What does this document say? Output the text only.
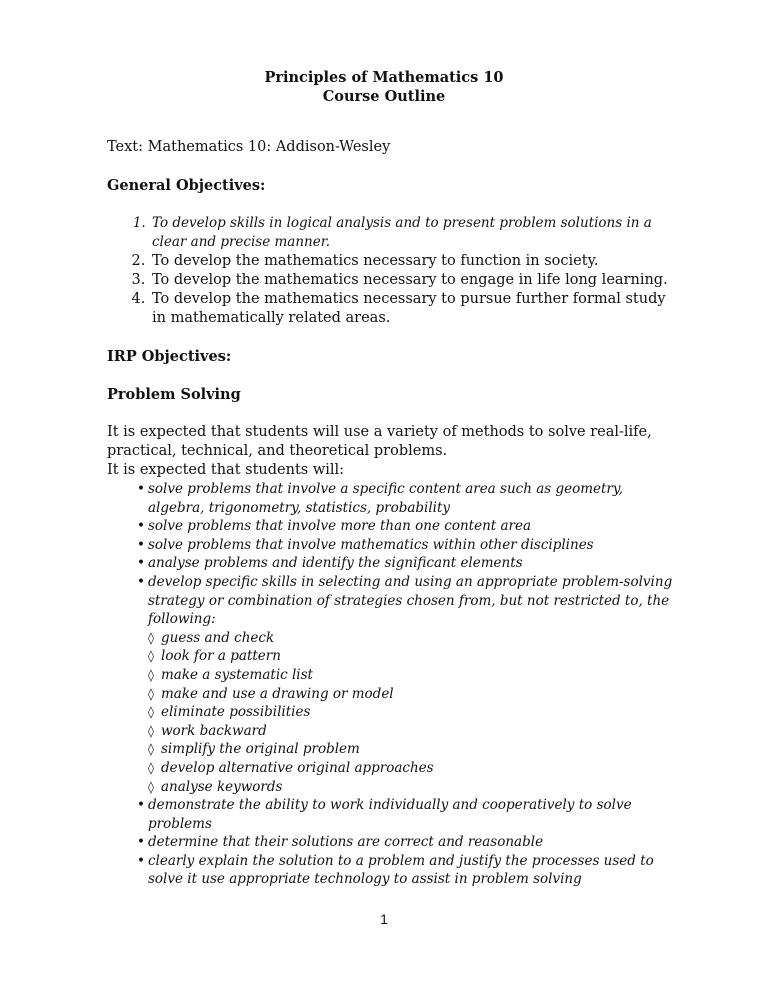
Principles of Mathematics 10
Course Outline

Text: Mathematics 10: Addison-Wesley

General Objectives:

1. To develop skills in logical analysis and to present problem solutions in a clear and precise manner.
2. To develop the mathematics necessary to function in society.
3. To develop the mathematics necessary to engage in life long learning.
4. To develop the mathematics necessary to pursue further formal study in mathematically related areas.

IRP Objectives:

Problem Solving

It is expected that students will use a variety of methods to solve real-life, practical, technical, and theoretical problems.

It is expected that students will:

• solve problems that involve a specific content area such as geometry, algebra, trigonometry, statistics, probability
• solve problems that involve more than one content area
• solve problems that involve mathematics within other disciplines
• analyse problems and identify the significant elements
• develop specific skills in selecting and using an appropriate problem-solving strategy or combination of strategies chosen from, but not restricted to, the following:
◊ guess and check
◊ look for a pattern
◊ make a systematic list
◊ make and use a drawing or model
◊ eliminate possibilities
◊ work backward
◊ simplify the original problem
◊ develop alternative original approaches
◊ analyse keywords
• demonstrate the ability to work individually and cooperatively to solve problems
• determine that their solutions are correct and reasonable
• clearly explain the solution to a problem and justify the processes used to solve it use appropriate technology to assist in problem solving
1
